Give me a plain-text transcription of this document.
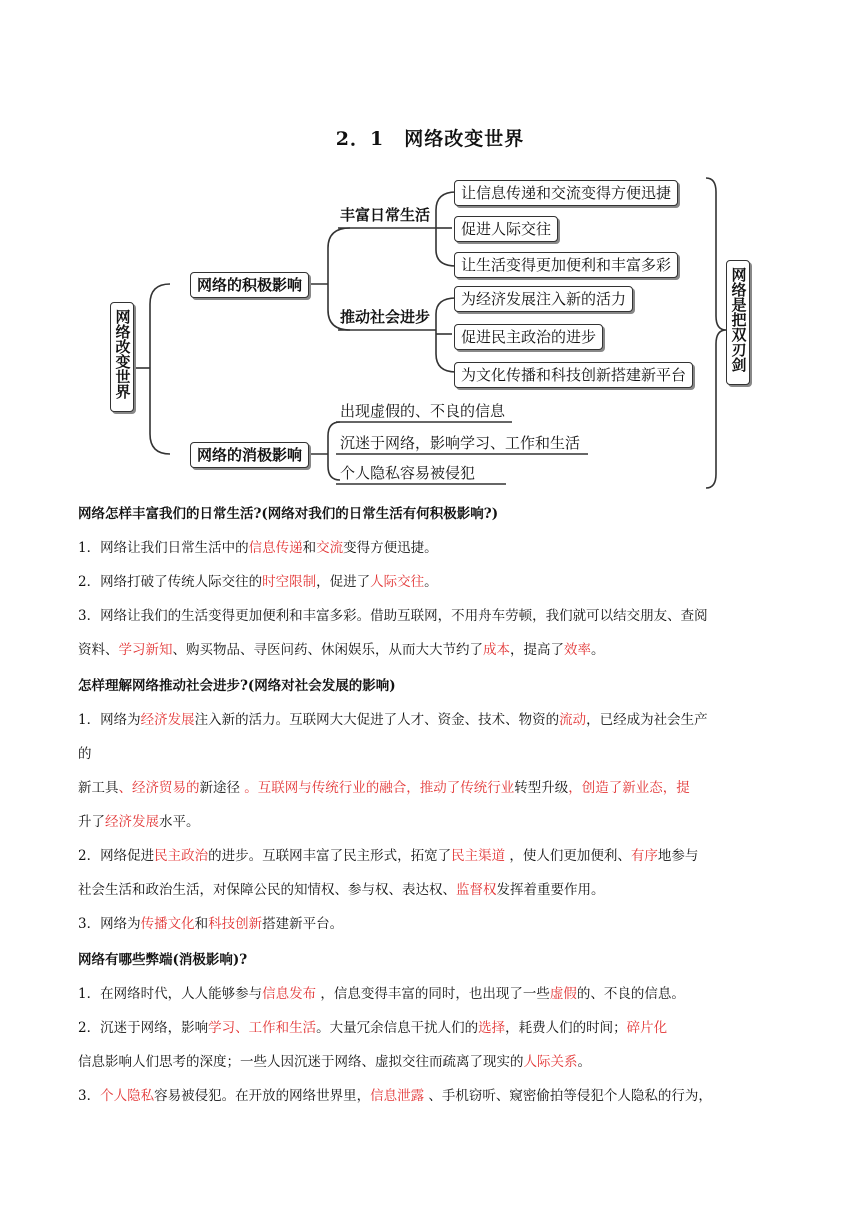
2．1　网络改变世界
网络改变世界
网络的积极影响
网络的消极影响
丰富日常生活
推动社会进步
让信息传递和交流变得方便迅捷
促进人际交往
让生活变得更加便利和丰富多彩
为经济发展注入新的活力
促进民主政治的进步
为文化传播和科技创新搭建新平台
出现虚假的、不良的信息
沉迷于网络，影响学习、工作和生活
个人隐私容易被侵犯
网络是把双刃剑
网络怎样丰富我们的日常生活?(网络对我们的日常生活有何积极影响?)
1．网络让我们日常生活中的信息传递和交流变得方便迅捷。
2．网络打破了传统人际交往的时空限制，促进了人际交往。
3．网络让我们的生活变得更加便利和丰富多彩。借助互联网，不用舟车劳顿，我们就可以结交朋友、查阅
资料、学习新知、购买物品、寻医问药、休闲娱乐，从而大大节约了成本，提高了效率。
怎样理解网络推动社会进步?(网络对社会发展的影响)
1．网络为经济发展注入新的活力。互联网大大促进了人才、资金、技术、物资的流动，已经成为社会生产
的
新工具、经济贸易的新途径 。互联网与传统行业的融合，推动了传统行业转型升级，创造了新业态，提
升了经济发展水平。
2．网络促进民主政治的进步。互联网丰富了民主形式，拓宽了民主渠道 ，使人们更加便利、有序地参与
社会生活和政治生活，对保障公民的知情权、参与权、表达权、监督权发挥着重要作用。
3．网络为传播文化和科技创新搭建新平台。
网络有哪些弊端(消极影响)?
1．在网络时代，人人能够参与信息发布 ，信息变得丰富的同时，也出现了一些虚假的、不良的信息。
2．沉迷于网络，影响学习、工作和生活。大量冗余信息干扰人们的选择，耗费人们的时间；碎片化
信息影响人们思考的深度；一些人因沉迷于网络、虚拟交往而疏离了现实的人际关系。
3．个人隐私容易被侵犯。在开放的网络世界里，信息泄露 、手机窃听、窥密偷拍等侵犯个人隐私的行为，
